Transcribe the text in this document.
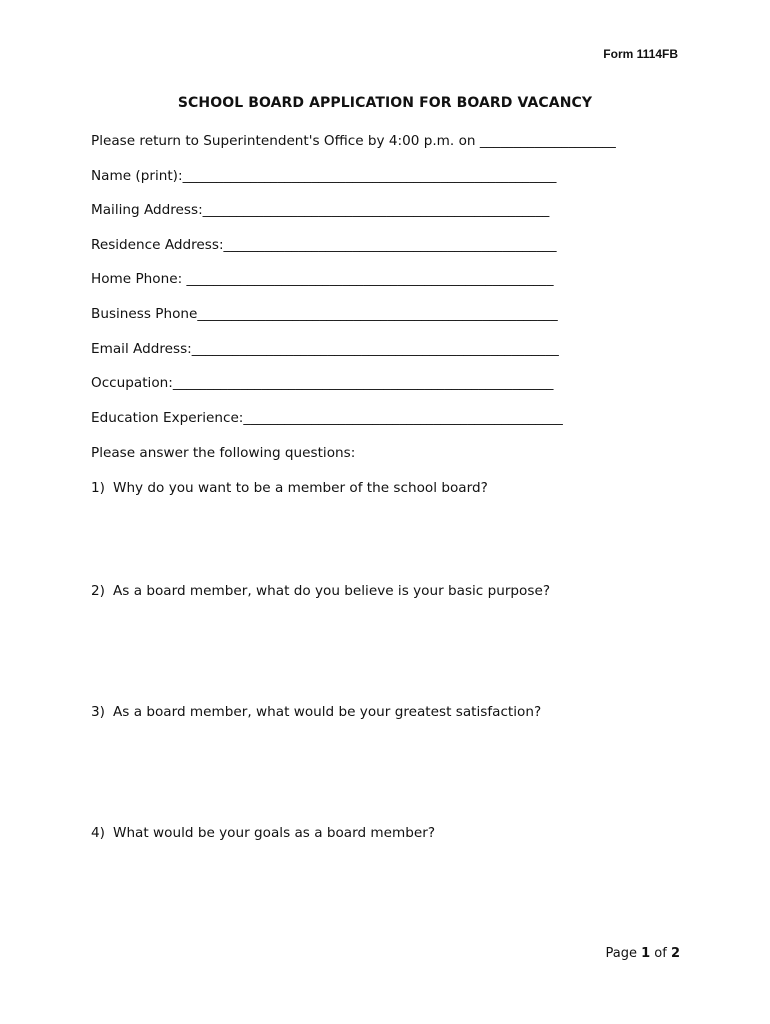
Form 1114FB
SCHOOL BOARD APPLICATION FOR BOARD VACANCY
Please return to Superintendent's Office by 4:00 p.m. on ____________________
Name (print):_______________________________________________________
Mailing Address:___________________________________________________
Residence Address:_________________________________________________
Home Phone: ______________________________________________________
Business Phone_____________________________________________________
Email Address:______________________________________________________
Occupation:________________________________________________________
Education Experience:_______________________________________________
Please answer the following questions:
1) Why do you want to be a member of the school board?
2) As a board member, what do you believe is your basic purpose?
3) As a board member, what would be your greatest satisfaction?
4) What would be your goals as a board member?
Page 1 of 2
